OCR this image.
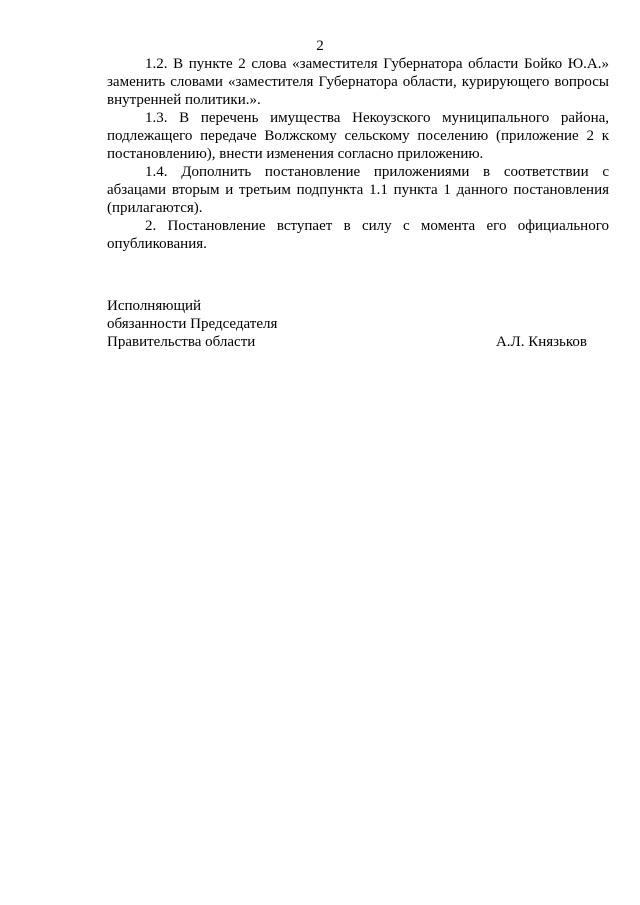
2

1.2. В пункте 2 слова «заместителя Губернатора области Бойко Ю.А.» заменить словами «заместителя Губернатора области, курирующего вопросы внутренней политики.».

1.3. В перечень имущества Некоузского муниципального района, подлежащего передаче Волжскому сельскому поселению (приложение 2 к постановлению), внести изменения согласно приложению.

1.4. Дополнить постановление приложениями в соответствии с абзацами вторым и третьим подпункта 1.1 пункта 1 данного постановления (прилагаются).

2. Постановление вступает в силу с момента его официального опубликования.

Исполняющий
обязанности Председателя
Правительства области	А.Л. Князьков
